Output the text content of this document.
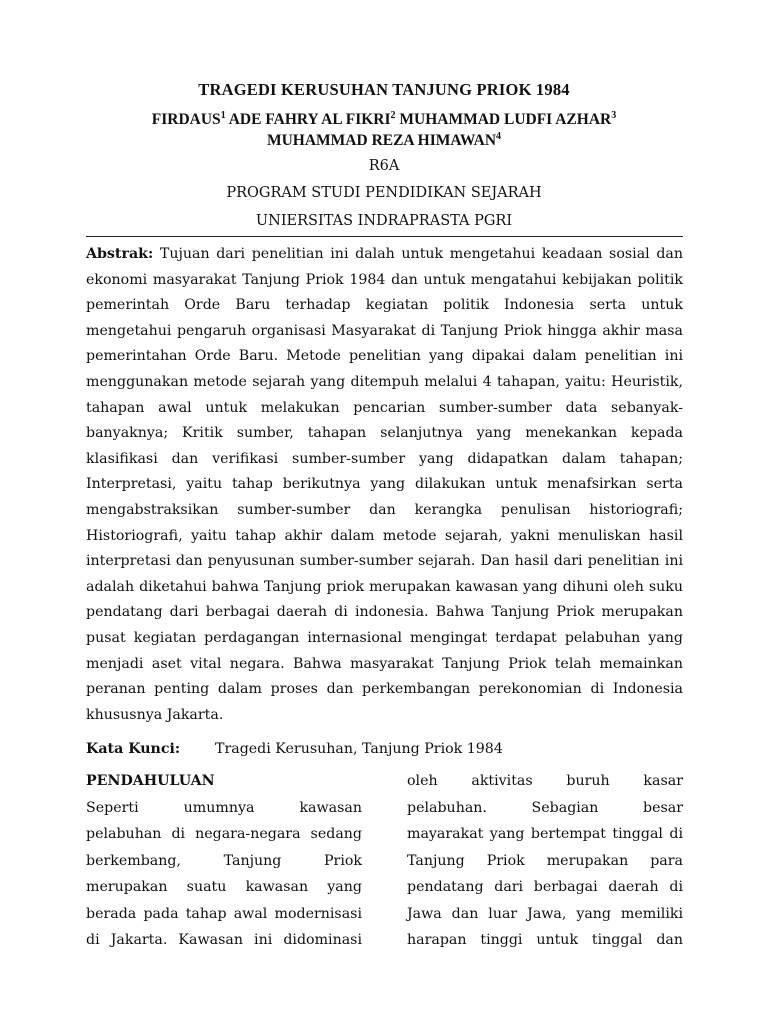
TRAGEDI KERUSUHAN TANJUNG PRIOK 1984
FIRDAUS$^1$ ADE FAHRY AL FIKRI$^2$ MUHAMMAD LUDFI AZHAR$^3$
MUHAMMAD REZA HIMAWAN$^4$
R6A
PROGRAM STUDI PENDIDIKAN SEJARAH
UNIERSITAS INDRAPRASTA PGRI
Abstrak: Tujuan dari penelitian ini dalah untuk mengetahui keadaan sosial dan ekonomi masyarakat Tanjung Priok 1984 dan untuk mengatahui kebijakan politik pemerintah Orde Baru terhadap kegiatan politik Indonesia serta untuk mengetahui pengaruh organisasi Masyarakat di Tanjung Priok hingga akhir masa pemerintahan Orde Baru. Metode penelitian yang dipakai dalam penelitian ini menggunakan metode sejarah yang ditempuh melalui 4 tahapan, yaitu: Heuristik, tahapan awal untuk melakukan pencarian sumber-sumber data sebanyak-banyaknya; Kritik sumber, tahapan selanjutnya yang menekankan kepada klasifikasi dan verifikasi sumber-sumber yang didapatkan dalam tahapan; Interpretasi, yaitu tahap berikutnya yang dilakukan untuk menafsirkan serta mengabstraksikan sumber-sumber dan kerangka penulisan historiografi; Historiografi, yaitu tahap akhir dalam metode sejarah, yakni menuliskan hasil interpretasi dan penyusunan sumber-sumber sejarah. Dan hasil dari penelitian ini adalah diketahui bahwa Tanjung priok merupakan kawasan yang dihuni oleh suku pendatang dari berbagai daerah di indonesia. Bahwa Tanjung Priok merupakan pusat kegiatan perdagangan internasional mengingat terdapat pelabuhan yang menjadi aset vital negara. Bahwa masyarakat Tanjung Priok telah memainkan peranan penting dalam proses dan perkembangan perekonomian di Indonesia khususnya Jakarta.
Kata Kunci: Tragedi Kerusuhan, Tanjung Priok 1984
PENDAHULUAN
Seperti umumnya kawasan
pelabuhan di negara-negara sedang
berkembang, Tanjung Priok
merupakan suatu kawasan yang
berada pada tahap awal modernisasi
di Jakarta. Kawasan ini didominasi
oleh aktivitas buruh kasar
pelabuhan. Sebagian besar
mayarakat yang bertempat tinggal di
Tanjung Priok merupakan para
pendatang dari berbagai daerah di
Jawa dan luar Jawa, yang memiliki
harapan tinggi untuk tinggal dan
